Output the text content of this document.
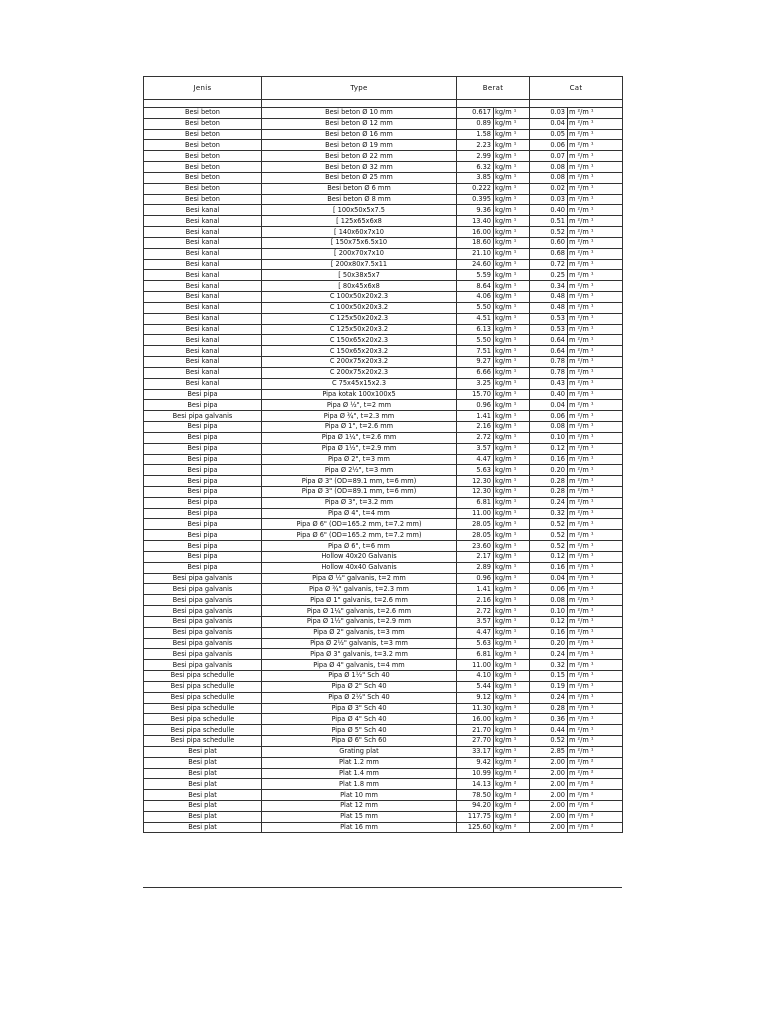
Jenis	Type	Berat		Cat	

Besi beton	Besi beton Ø 10 mm	0.617	kg/m ¹	0.03	m ²/m ¹
Besi beton	Besi beton Ø 12 mm	0.89	kg/m ¹	0.04	m ²/m ¹
Besi beton	Besi beton Ø 16 mm	1.58	kg/m ¹	0.05	m ²/m ¹
Besi beton	Besi beton Ø 19 mm	2.23	kg/m ¹	0.06	m ²/m ¹
Besi beton	Besi beton Ø 22 mm	2.99	kg/m ¹	0.07	m ²/m ¹
Besi beton	Besi beton Ø 32 mm	6.32	kg/m ¹	0.08	m ²/m ¹
Besi beton	Besi beton Ø 25 mm	3.85	kg/m ¹	0.08	m ²/m ¹
Besi beton	Besi beton Ø 6 mm	0.222	kg/m ¹	0.02	m ²/m ¹
Besi beton	Besi beton Ø 8 mm	0.395	kg/m ¹	0.03	m ²/m ¹
Besi kanal	[ 100x50x5x7.5	9.36	kg/m ¹	0.40	m ²/m ¹
Besi kanal	[ 125x65x6x8	13.40	kg/m ¹	0.51	m ²/m ¹
Besi kanal	[ 140x60x7x10	16.00	kg/m ¹	0.52	m ²/m ¹
Besi kanal	[ 150x75x6.5x10	18.60	kg/m ¹	0.60	m ²/m ¹
Besi kanal	[ 200x70x7x10	21.10	kg/m ¹	0.68	m ²/m ¹
Besi kanal	[ 200x80x7.5x11	24.60	kg/m ¹	0.72	m ²/m ¹
Besi kanal	[ 50x38x5x7	5.59	kg/m ¹	0.25	m ²/m ¹
Besi kanal	[ 80x45x6x8	8.64	kg/m ¹	0.34	m ²/m ¹
Besi kanal	C 100x50x20x2.3	4.06	kg/m ¹	0.48	m ²/m ¹
Besi kanal	C 100x50x20x3.2	5.50	kg/m ¹	0.48	m ²/m ¹
Besi kanal	C 125x50x20x2.3	4.51	kg/m ¹	0.53	m ²/m ¹
Besi kanal	C 125x50x20x3.2	6.13	kg/m ¹	0.53	m ²/m ¹
Besi kanal	C 150x65x20x2.3	5.50	kg/m ¹	0.64	m ²/m ¹
Besi kanal	C 150x65x20x3.2	7.51	kg/m ¹	0.64	m ²/m ¹
Besi kanal	C 200x75x20x3.2	9.27	kg/m ¹	0.78	m ²/m ¹
Besi kanal	C 200x75x20x2.3	6.66	kg/m ¹	0.78	m ²/m ¹
Besi kanal	C 75x45x15x2.3	3.25	kg/m ¹	0.43	m ²/m ¹
Besi pipa	Pipa kotak 100x100x5	15.70	kg/m ¹	0.40	m ²/m ¹
Besi pipa	Pipa Ø ½", t=2 mm	0.96	kg/m ¹	0.04	m ²/m ¹
Besi pipa galvanis	Pipa Ø ¾", t=2.3 mm	1.41	kg/m ¹	0.06	m ²/m ¹
Besi pipa	Pipa Ø 1", t=2.6 mm	2.16	kg/m ¹	0.08	m ²/m ¹
Besi pipa	Pipa Ø 1¼", t=2.6 mm	2.72	kg/m ¹	0.10	m ²/m ¹
Besi pipa	Pipa Ø 1½", t=2.9 mm	3.57	kg/m ¹	0.12	m ²/m ¹
Besi pipa	Pipa Ø 2", t=3 mm	4.47	kg/m ¹	0.16	m ²/m ¹
Besi pipa	Pipa Ø 2½", t=3 mm	5.63	kg/m ¹	0.20	m ²/m ¹
Besi pipa	Pipa Ø 3" (OD=89.1 mm, t=6 mm)	12.30	kg/m ¹	0.28	m ²/m ¹
Besi pipa	Pipa Ø 3" (OD=89.1 mm, t=6 mm)	12.30	kg/m ¹	0.28	m ²/m ¹
Besi pipa	Pipa Ø 3", t=3.2 mm	6.81	kg/m ¹	0.24	m ²/m ¹
Besi pipa	Pipa Ø 4", t=4 mm	11.00	kg/m ¹	0.32	m ²/m ¹
Besi pipa	Pipa Ø 6" (OD=165.2 mm, t=7.2 mm)	28.05	kg/m ¹	0.52	m ²/m ¹
Besi pipa	Pipa Ø 6" (OD=165.2 mm, t=7.2 mm)	28.05	kg/m ¹	0.52	m ²/m ¹
Besi pipa	Pipa Ø 6", t=6 mm	23.60	kg/m ¹	0.52	m ²/m ¹
Besi pipa	Hollow 40x20 Galvanis	2.17	kg/m ¹	0.12	m ²/m ¹
Besi pipa	Hollow 40x40 Galvanis	2.89	kg/m ¹	0.16	m ²/m ¹
Besi pipa galvanis	Pipa Ø ½" galvanis, t=2 mm	0.96	kg/m ¹	0.04	m ²/m ¹
Besi pipa galvanis	Pipa Ø ¾" galvanis, t=2.3 mm	1.41	kg/m ¹	0.06	m ²/m ¹
Besi pipa galvanis	Pipa Ø 1" galvanis, t=2.6 mm	2.16	kg/m ¹	0.08	m ²/m ¹
Besi pipa galvanis	Pipa Ø 1¼" galvanis, t=2.6 mm	2.72	kg/m ¹	0.10	m ²/m ¹
Besi pipa galvanis	Pipa Ø 1½" galvanis, t=2.9 mm	3.57	kg/m ¹	0.12	m ²/m ¹
Besi pipa galvanis	Pipa Ø 2" galvanis, t=3 mm	4.47	kg/m ¹	0.16	m ²/m ¹
Besi pipa galvanis	Pipa Ø 2½" galvanis, t=3 mm	5.63	kg/m ¹	0.20	m ²/m ¹
Besi pipa galvanis	Pipa Ø 3" galvanis, t=3.2 mm	6.81	kg/m ¹	0.24	m ²/m ¹
Besi pipa galvanis	Pipa Ø 4" galvanis, t=4 mm	11.00	kg/m ¹	0.32	m ²/m ¹
Besi pipa schedulle	Pipa Ø 1½" Sch 40	4.10	kg/m ¹	0.15	m ²/m ¹
Besi pipa schedulle	Pipa Ø 2" Sch 40	5.44	kg/m ¹	0.19	m ²/m ¹
Besi pipa schedulle	Pipa Ø 2½" Sch 40	9.12	kg/m ¹	0.24	m ²/m ¹
Besi pipa schedulle	Pipa Ø 3" Sch 40	11.30	kg/m ¹	0.28	m ²/m ¹
Besi pipa schedulle	Pipa Ø 4" Sch 40	16.00	kg/m ¹	0.36	m ²/m ¹
Besi pipa schedulle	Pipa Ø 5" Sch 40	21.70	kg/m ¹	0.44	m ²/m ¹
Besi pipa schedulle	Pipa Ø 6" Sch 60	27.70	kg/m ¹	0.52	m ²/m ¹
Besi plat	Grating plat	33.17	kg/m ¹	2.85	m ²/m ¹
Besi plat	Plat 1.2 mm	9.42	kg/m ²	2.00	m ²/m ²
Besi plat	Plat 1.4 mm	10.99	kg/m ²	2.00	m ²/m ²
Besi plat	Plat 1.8 mm	14.13	kg/m ²	2.00	m ²/m ²
Besi plat	Plat 10 mm	78.50	kg/m ²	2.00	m ²/m ²
Besi plat	Plat 12 mm	94.20	kg/m ²	2.00	m ²/m ²
Besi plat	Plat 15 mm	117.75	kg/m ²	2.00	m ²/m ²
Besi plat	Plat 16 mm	125.60	kg/m ²	2.00	m ²/m ²
